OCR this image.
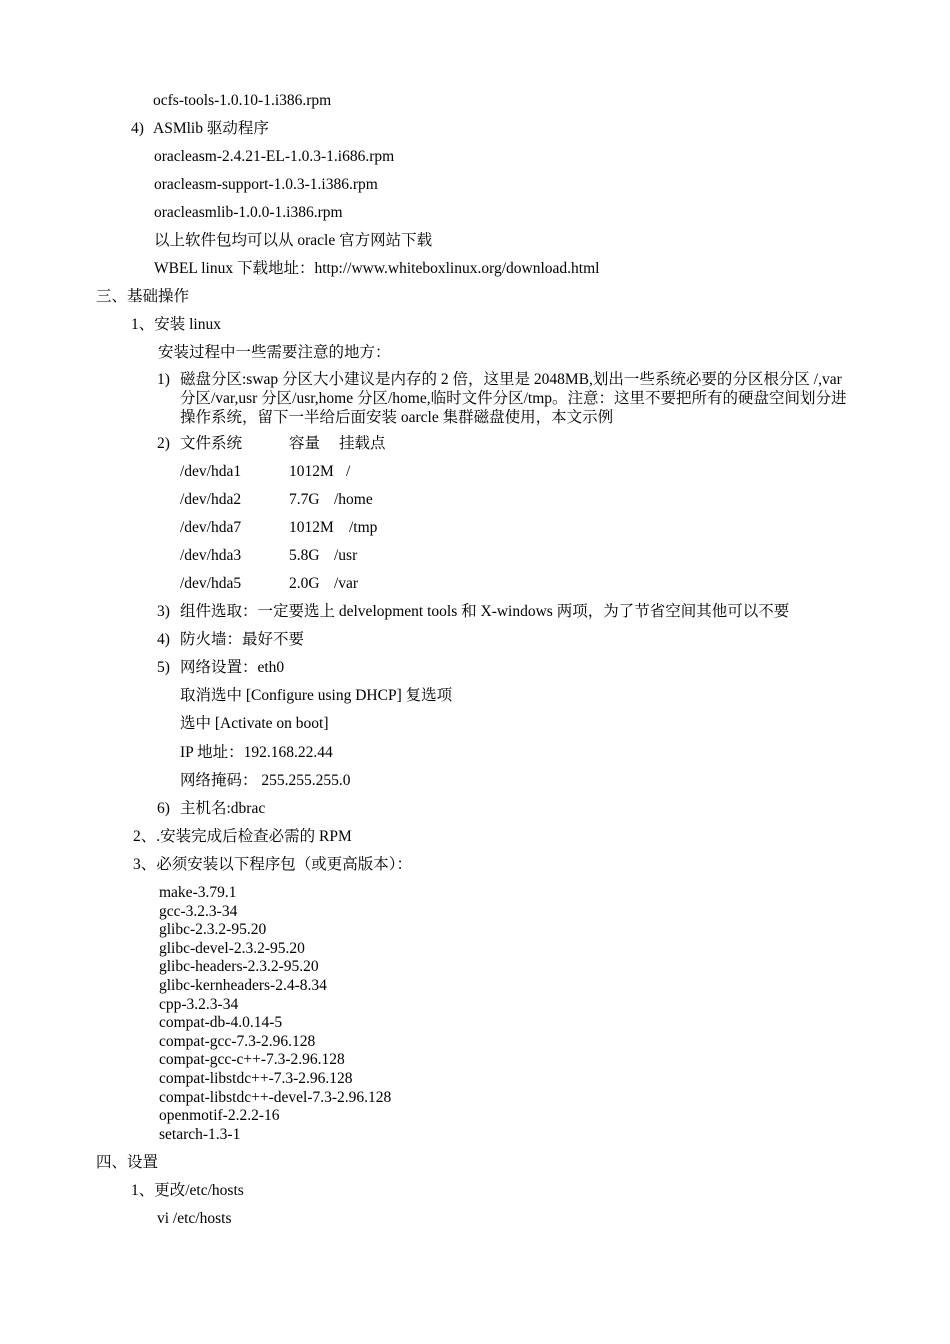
ocfs-tools-1.0.10-1.i386.rpm
4) ASMlib 驱动程序
oracleasm-2.4.21-EL-1.0.3-1.i686.rpm
oracleasm-support-1.0.3-1.i386.rpm
oracleasmlib-1.0.0-1.i386.rpm
以上软件包均可以从 oracle 官方网站下载
WBEL linux 下载地址：http://www.whiteboxlinux.org/download.html
三、基础操作
1、安装 linux
安装过程中一些需要注意的地方：
1) 磁盘分区:swap 分区大小建议是内存的 2 倍，这里是 2048MB,划出一些系统必要的分区根分区 /,var 分区/var,usr 分区/usr,home 分区/home,临时文件分区/tmp。注意：这里不要把所有的硬盘空间划分进操作系统，留下一半给后面安装 oarcle 集群磁盘使用，本文示例
2) 文件系统	容量 挂载点
/dev/hda1	1012M /
/dev/hda2	7.7G /home
/dev/hda7	1012M /tmp
/dev/hda3	5.8G /usr
/dev/hda5	2.0G /var
3) 组件选取：一定要选上 delvelopment tools 和 X-windows 两项，为了节省空间其他可以不要
4) 防火墙：最好不要
5) 网络设置：eth0
取消选中 [Configure using DHCP] 复选项
选中 [Activate on boot]
IP 地址：192.168.22.44
网络掩码： 255.255.255.0
6) 主机名:dbrac
2、.安装完成后检查必需的 RPM
3、必须安装以下程序包（或更高版本）：
make-3.79.1
gcc-3.2.3-34
glibc-2.3.2-95.20
glibc-devel-2.3.2-95.20
glibc-headers-2.3.2-95.20
glibc-kernheaders-2.4-8.34
cpp-3.2.3-34
compat-db-4.0.14-5
compat-gcc-7.3-2.96.128
compat-gcc-c++-7.3-2.96.128
compat-libstdc++-7.3-2.96.128
compat-libstdc++-devel-7.3-2.96.128
openmotif-2.2.2-16
setarch-1.3-1
四、设置
1、更改/etc/hosts
vi /etc/hosts
